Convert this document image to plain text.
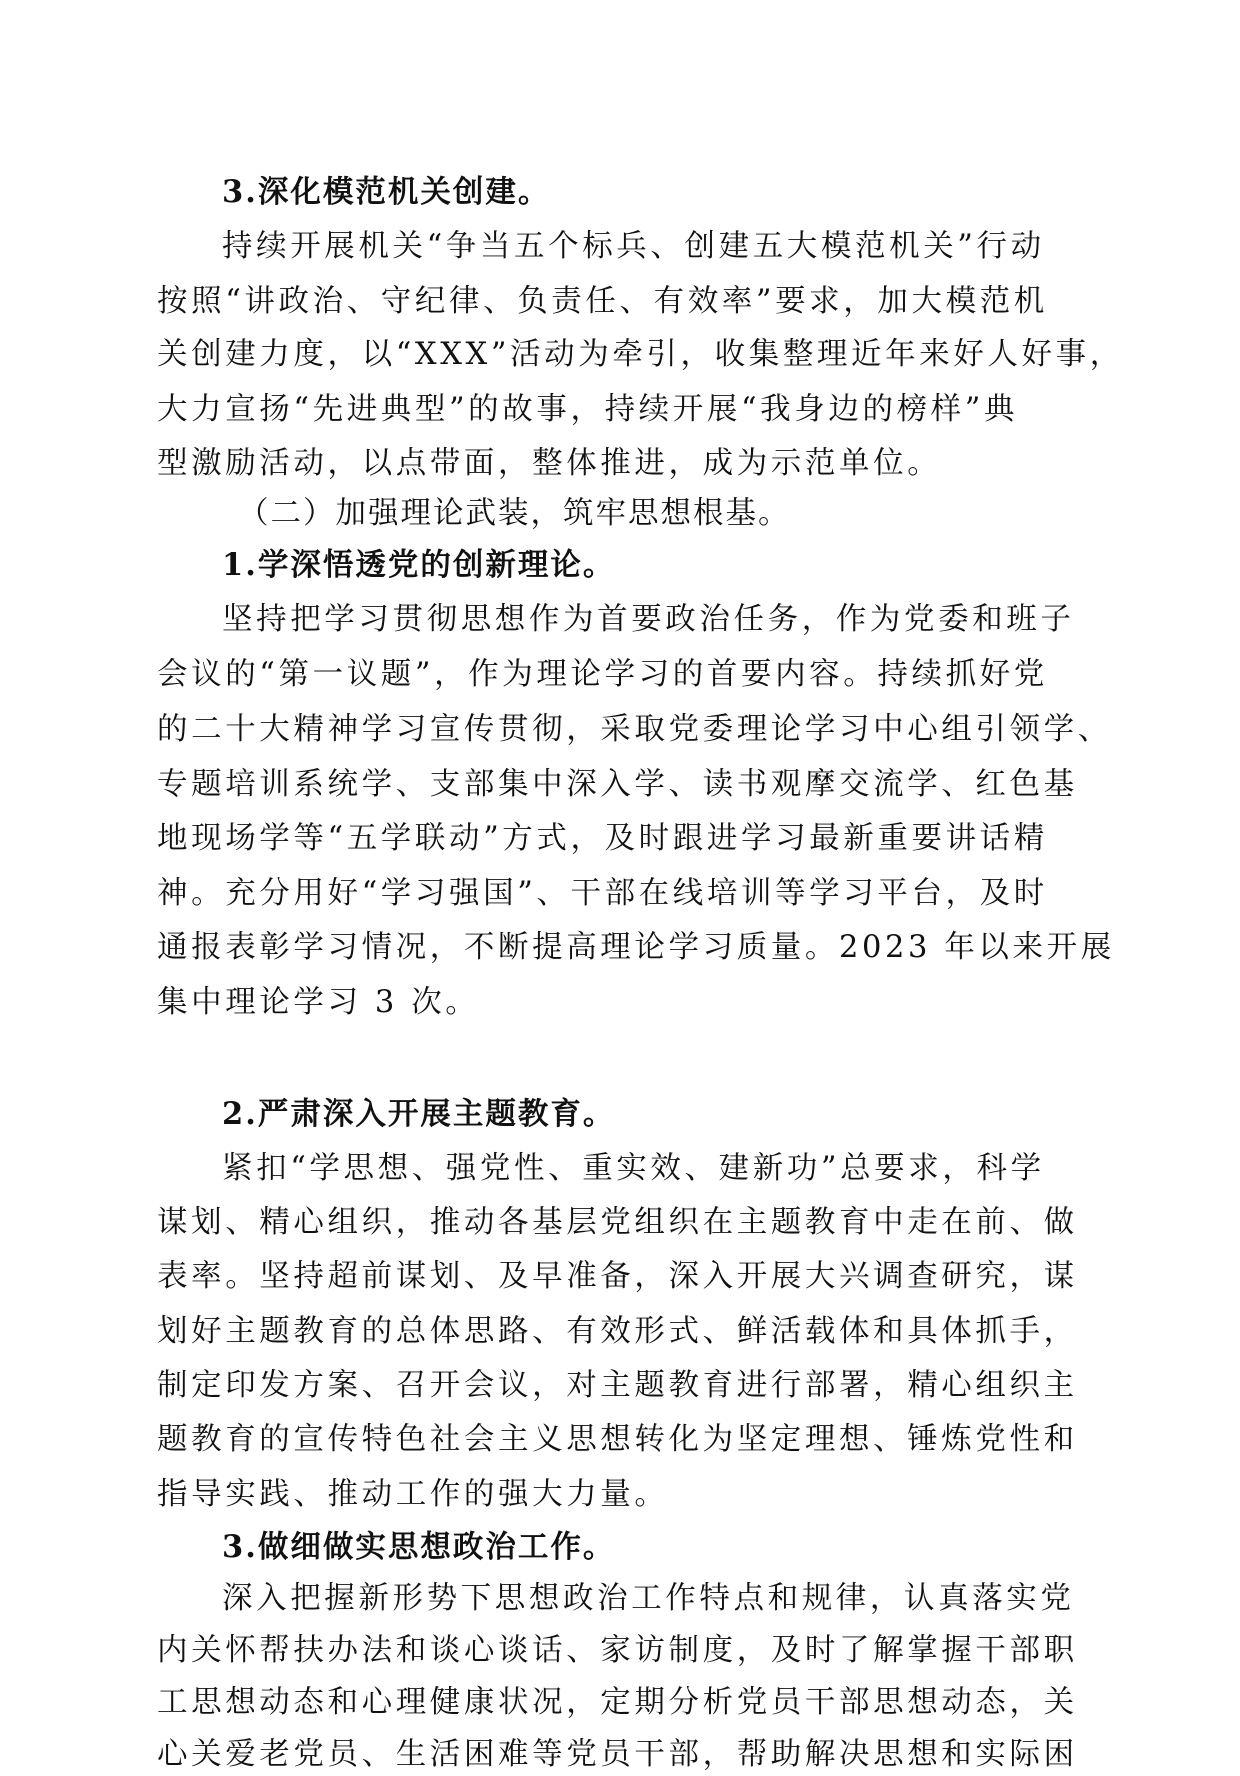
3.深化模范机关创建。
持续开展机关“争当五个标兵、创建五大模范机关”行动
按照“讲政治、守纪律、负责任、有效率”要求，加大模范机
关创建力度，以“XXX”活动为牵引，收集整理近年来好人好事，
大力宣扬“先进典型”的故事，持续开展“我身边的榜样”典
型激励活动，以点带面，整体推进，成为示范单位。
（二）加强理论武装，筑牢思想根基。
1.学深悟透党的创新理论。
坚持把学习贯彻思想作为首要政治任务，作为党委和班子
会议的“第一议题”，作为理论学习的首要内容。持续抓好党
的二十大精神学习宣传贯彻，采取党委理论学习中心组引领学、
专题培训系统学、支部集中深入学、读书观摩交流学、红色基
地现场学等“五学联动”方式，及时跟进学习最新重要讲话精
神。充分用好“学习强国”、干部在线培训等学习平台，及时
通报表彰学习情况，不断提高理论学习质量。2023 年以来开展
集中理论学习 3 次。
2.严肃深入开展主题教育。
紧扣“学思想、强党性、重实效、建新功”总要求，科学
谋划、精心组织，推动各基层党组织在主题教育中走在前、做
表率。坚持超前谋划、及早准备，深入开展大兴调查研究，谋
划好主题教育的总体思路、有效形式、鲜活载体和具体抓手，
制定印发方案、召开会议，对主题教育进行部署，精心组织主
题教育的宣传特色社会主义思想转化为坚定理想、锤炼党性和
指导实践、推动工作的强大力量。
3.做细做实思想政治工作。
深入把握新形势下思想政治工作特点和规律，认真落实党
内关怀帮扶办法和谈心谈话、家访制度，及时了解掌握干部职
工思想动态和心理健康状况，定期分析党员干部思想动态，关
心关爱老党员、生活困难等党员干部，帮助解决思想和实际困
